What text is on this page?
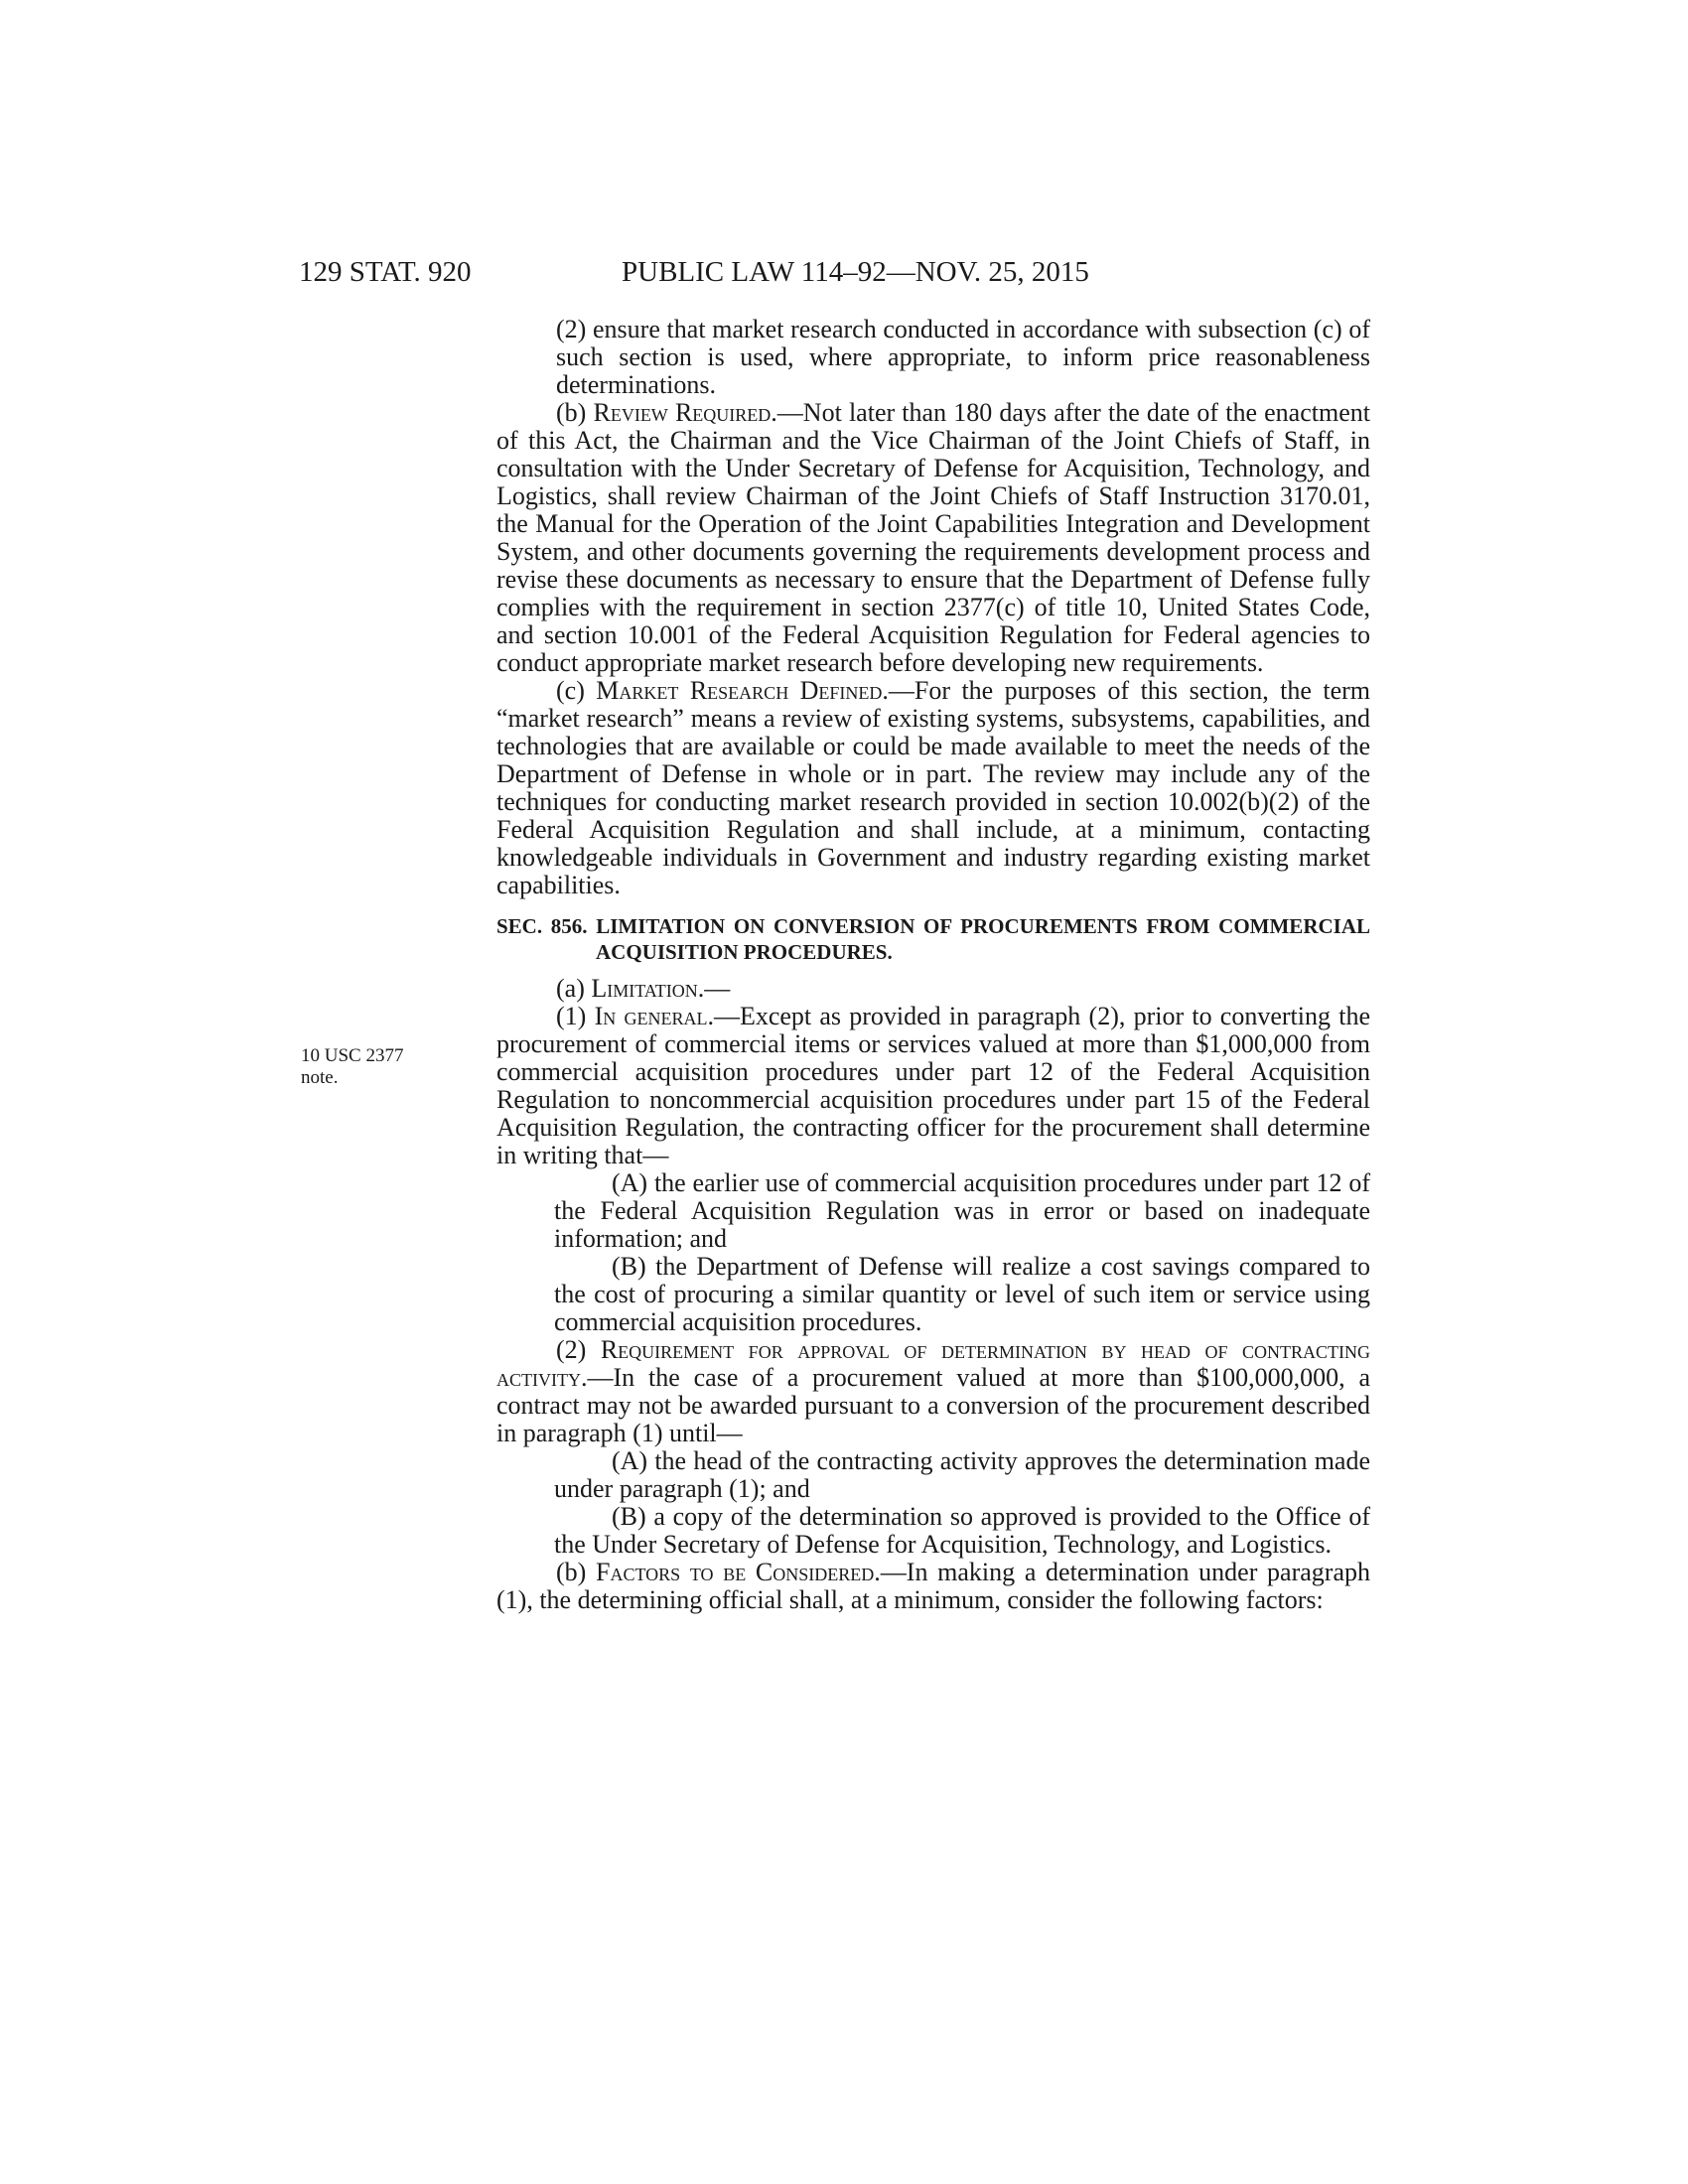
129 STAT. 920	PUBLIC LAW 114–92—NOV. 25, 2015
10 USC 2377
note.

(2) ensure that market research conducted in accordance with subsection (c) of such section is used, where appropriate, to inform price reasonableness determinations.

(b) Review Required.—Not later than 180 days after the date of the enactment of this Act, the Chairman and the Vice Chairman of the Joint Chiefs of Staff, in consultation with the Under Secretary of Defense for Acquisition, Technology, and Logistics, shall review Chairman of the Joint Chiefs of Staff Instruction 3170.01, the Manual for the Operation of the Joint Capabilities Integration and Development System, and other documents governing the requirements development process and revise these documents as necessary to ensure that the Department of Defense fully complies with the requirement in section 2377(c) of title 10, United States Code, and section 10.001 of the Federal Acquisition Regulation for Federal agencies to conduct appropriate market research before developing new requirements.

(c) Market Research Defined.—For the purposes of this section, the term “market research” means a review of existing systems, subsystems, capabilities, and technologies that are available or could be made available to meet the needs of the Department of Defense in whole or in part. The review may include any of the techniques for conducting market research provided in section 10.002(b)(2) of the Federal Acquisition Regulation and shall include, at a minimum, contacting knowledgeable individuals in Government and industry regarding existing market capabilities.

SEC. 856. LIMITATION ON CONVERSION OF PROCUREMENTS FROM COMMERCIAL ACQUISITION PROCEDURES.

(a) Limitation.—

(1) In general.—Except as provided in paragraph (2), prior to converting the procurement of commercial items or services valued at more than $1,000,000 from commercial acquisition procedures under part 12 of the Federal Acquisition Regulation to noncommercial acquisition procedures under part 15 of the Federal Acquisition Regulation, the contracting officer for the procurement shall determine in writing that—

(A) the earlier use of commercial acquisition procedures under part 12 of the Federal Acquisition Regulation was in error or based on inadequate information; and

(B) the Department of Defense will realize a cost savings compared to the cost of procuring a similar quantity or level of such item or service using commercial acquisition procedures.

(2) Requirement for approval of determination by head of contracting activity.—In the case of a procurement valued at more than $100,000,000, a contract may not be awarded pursuant to a conversion of the procurement described in paragraph (1) until—

(A) the head of the contracting activity approves the determination made under paragraph (1); and

(B) a copy of the determination so approved is provided to the Office of the Under Secretary of Defense for Acquisition, Technology, and Logistics.

(b) Factors to be Considered.—In making a determination under paragraph (1), the determining official shall, at a minimum, consider the following factors:
